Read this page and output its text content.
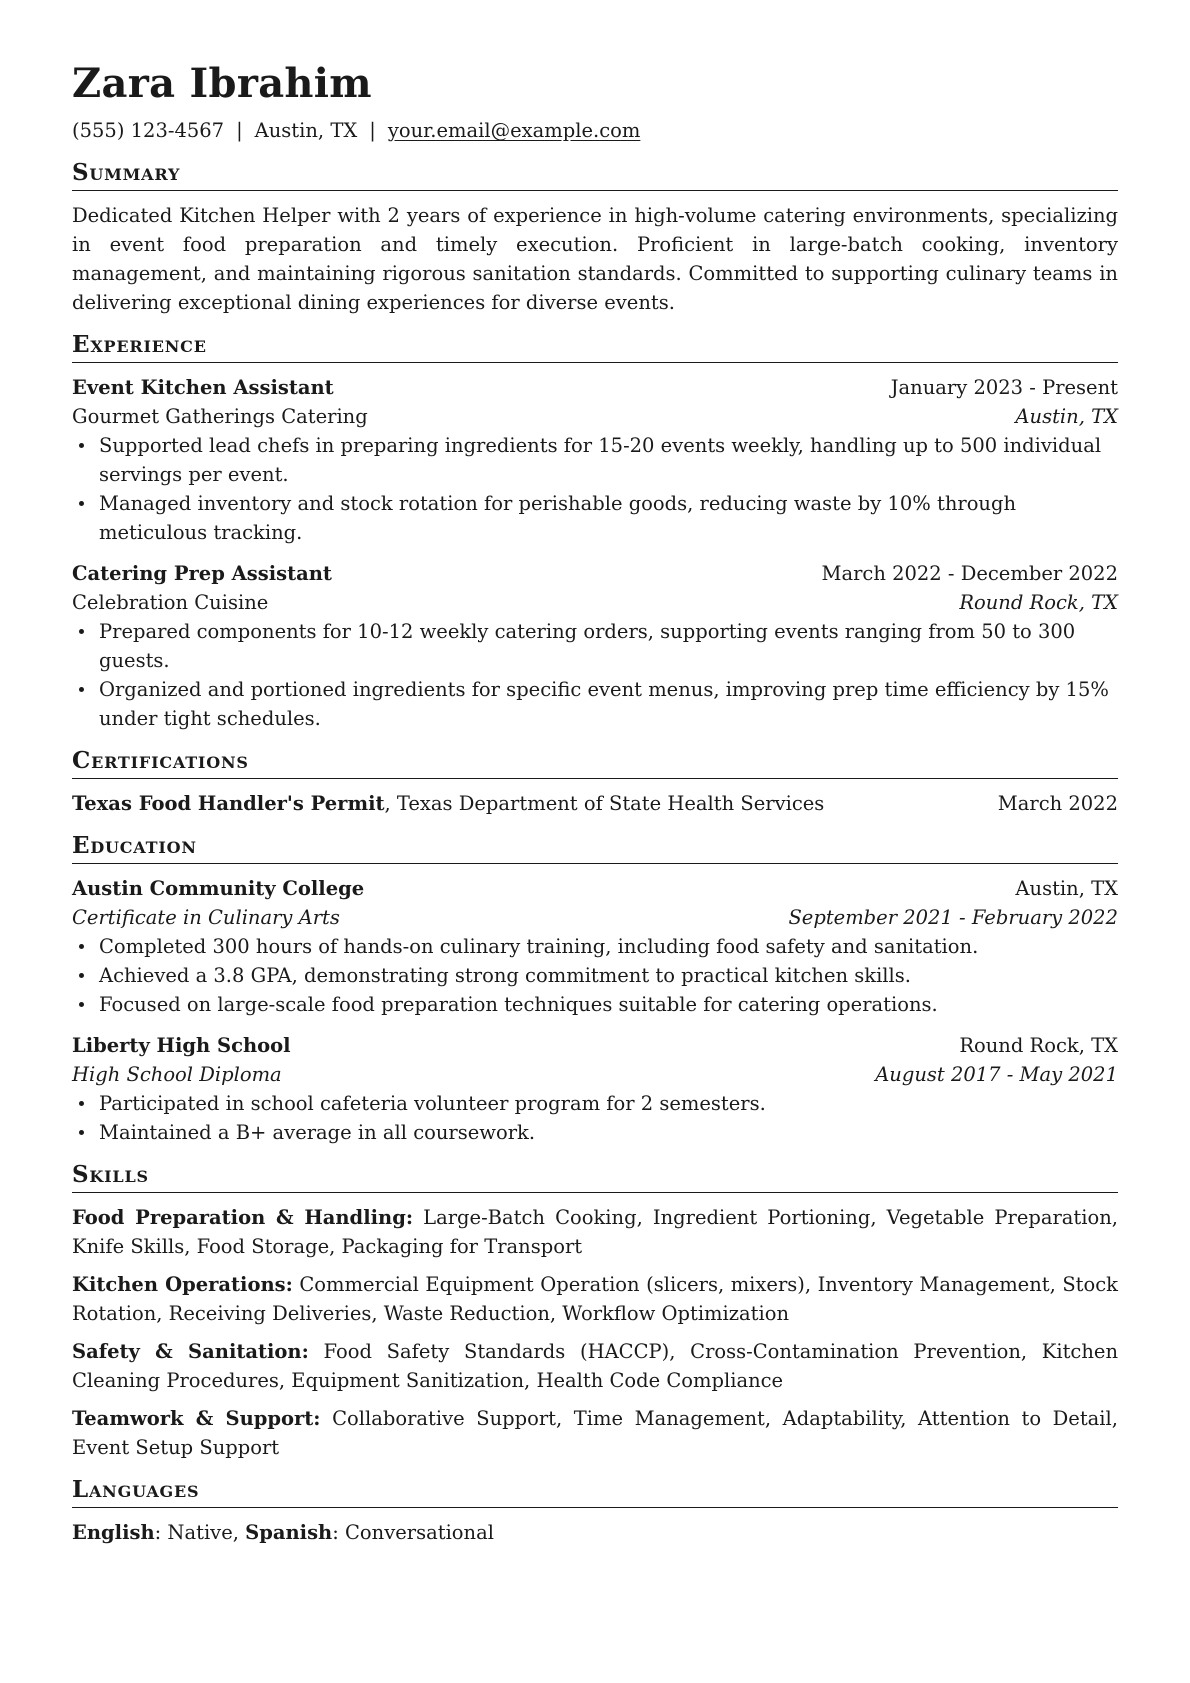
Zara Ibrahim
(555) 123-4567 | Austin, TX | your.email@example.com
Summary

Dedicated Kitchen Helper with 2 years of experience in high-volume catering environments, specializing in event food preparation and timely execution. Proficient in large-batch cooking, inventory management, and maintaining rigorous sanitation standards. Committed to supporting culinary teams in delivering exceptional dining experiences for diverse events.

Experience
Event Kitchen Assistant	January 2023 - Present
Gourmet Gatherings Catering	Austin, TX
Supported lead chefs in preparing ingredients for 15-20 events weekly, handling up to 500 individual servings per event.
Managed inventory and stock rotation for perishable goods, reducing waste by 10% through meticulous tracking.
Catering Prep Assistant	March 2022 - December 2022
Celebration Cuisine	Round Rock, TX
Prepared components for 10-12 weekly catering orders, supporting events ranging from 50 to 300 guests.
Organized and portioned ingredients for specific event menus, improving prep time efficiency by 15% under tight schedules.
Certifications
Texas Food Handler's Permit, Texas Department of State Health Services	March 2022
Education
Austin Community College	Austin, TX
Certificate in Culinary Arts	September 2021 - February 2022
Completed 300 hours of hands-on culinary training, including food safety and sanitation.
Achieved a 3.8 GPA, demonstrating strong commitment to practical kitchen skills.
Focused on large-scale food preparation techniques suitable for catering operations.
Liberty High School	Round Rock, TX
High School Diploma	August 2017 - May 2021
Participated in school cafeteria volunteer program for 2 semesters.
Maintained a B+ average in all coursework.
Skills
Food Preparation & Handling: Large-Batch Cooking, Ingredient Portioning, Vegetable Preparation, Knife Skills, Food Storage, Packaging for Transport
Kitchen Operations: Commercial Equipment Operation (slicers, mixers), Inventory Management, Stock Rotation, Receiving Deliveries, Waste Reduction, Workflow Optimization
Safety & Sanitation: Food Safety Standards (HACCP), Cross-Contamination Prevention, Kitchen Cleaning Procedures, Equipment Sanitization, Health Code Compliance
Teamwork & Support: Collaborative Support, Time Management, Adaptability, Attention to Detail, Event Setup Support
Languages
English: Native, Spanish: Conversational
